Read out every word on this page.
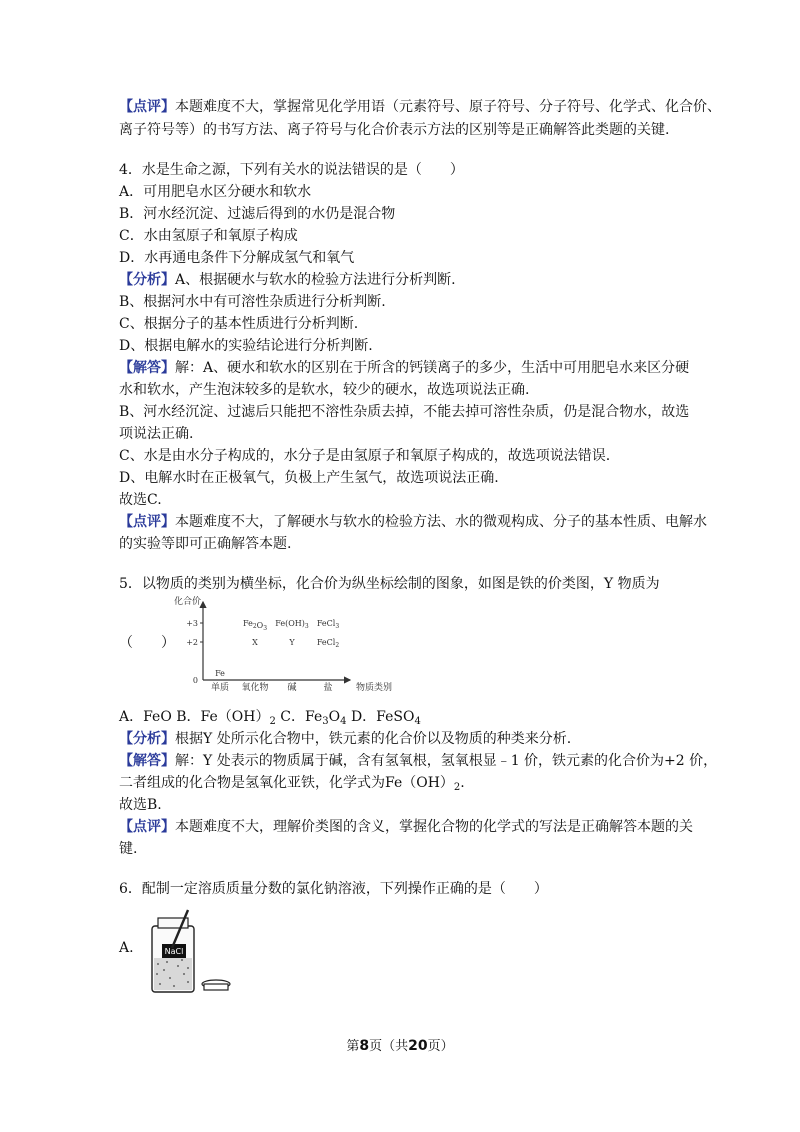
【点评】本题难度不大，掌握常见化学用语（元素符号、原子符号、分子符号、化学式、化合价、
离子符号等）的书写方法、离子符号与化合价表示方法的区别等是正确解答此类题的关键.
4．水是生命之源，下列有关水的说法错误的是（　　）
A．可用肥皂水区分硬水和软水
B．河水经沉淀、过滤后得到的水仍是混合物
C．水由氢原子和氧原子构成
D．水再通电条件下分解成氢气和氧气
【分析】A、根据硬水与软水的检验方法进行分析判断.
B、根据河水中有可溶性杂质进行分析判断.
C、根据分子的基本性质进行分析判断.
D、根据电解水的实验结论进行分析判断.
【解答】解：A、硬水和软水的区别在于所含的钙镁离子的多少，生活中可用肥皂水来区分硬
水和软水，产生泡沫较多的是软水，较少的硬水，故选项说法正确.
B、河水经沉淀、过滤后只能把不溶性杂质去掉，不能去掉可溶性杂质，仍是混合物水，故选
项说法正确.
C、水是由水分子构成的，水分子是由氢原子和氧原子构成的，故选项说法错误.
D、电解水时在正极氧气，负极上产生氢气，故选项说法正确.
故选C.
【点评】本题难度不大，了解硬水与软水的检验方法、水的微观构成、分子的基本性质、电解水
的实验等即可正确解答本题.
5．以物质的类别为横坐标，化合价为纵坐标绘制的图象，如图是铁的价类图，Y 物质为
化合价
+3
+2
0
单质 氧化物 碱	盐	物质类别
Fe
$Fe_2O_3$
X
$Fe(OH)_3$
Y
FeCl$_3$
FeCl$_2$
（　　）
A．FeO B．$Fe(OH)_2$ C．$Fe_3O_4$ D．FeSO$_4$
【分析】根据Y 处所示化合物中，铁元素的化合价以及物质的种类来分析.
【解答】解：Y 处表示的物质属于碱，含有氢氧根，氢氧根显﹣1 价，铁元素的化合价为+2 价，
二者组成的化合物是氢氧化亚铁，化学式为$Fe(OH)_2$.
故选B.
【点评】本题难度不大，理解价类图的含义，掌握化合物的化学式的写法是正确解答本题的关
键.
6．配制一定溶质质量分数的氯化钠溶液，下列操作正确的是（　　）
A.	NaCl
第8页（共20页）
